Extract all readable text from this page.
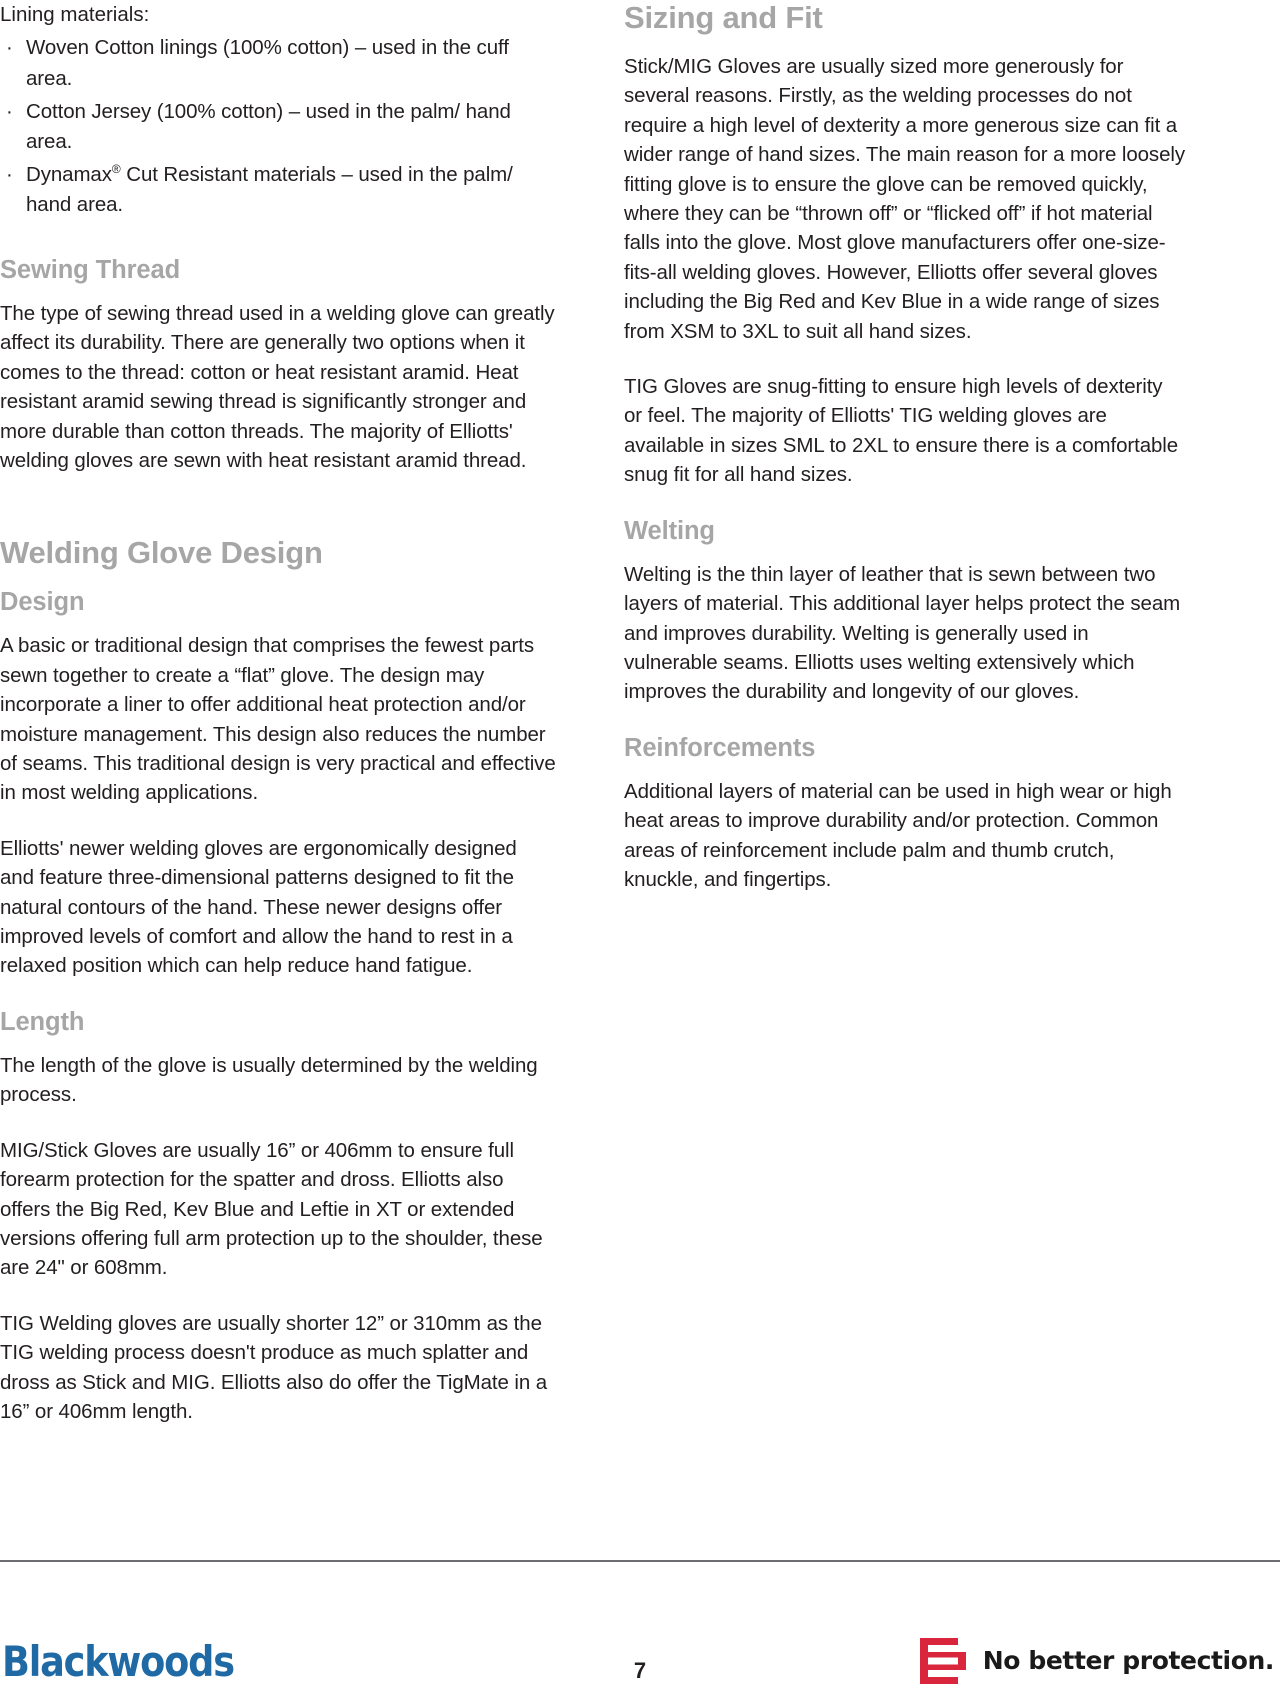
Lining materials:
· Woven Cotton linings (100% cotton) – used in the cuff area.
· Cotton Jersey (100% cotton) – used in the palm/ hand area.
· Dynamax® Cut Resistant materials – used in the palm/ hand area.
Sewing Thread

The type of sewing thread used in a welding glove can greatly affect its durability. There are generally two options when it comes to the thread: cotton or heat resistant aramid. Heat resistant aramid sewing thread is significantly stronger and more durable than cotton threads. The majority of Elliotts' welding gloves are sewn with heat resistant aramid thread.

Welding Glove Design
Design

A basic or traditional design that comprises the fewest parts sewn together to create a “flat” glove. The design may incorporate a liner to offer additional heat protection and/or moisture management. This design also reduces the number of seams. This traditional design is very practical and effective in most welding applications.

Elliotts' newer welding gloves are ergonomically designed and feature three-dimensional patterns designed to fit the natural contours of the hand. These newer designs offer improved levels of comfort and allow the hand to rest in a relaxed position which can help reduce hand fatigue.

Length

The length of the glove is usually determined by the welding process.

MIG/Stick Gloves are usually 16” or 406mm to ensure full forearm protection for the spatter and dross. Elliotts also offers the Big Red, Kev Blue and Leftie in XT or extended versions offering full arm protection up to the shoulder, these are 24" or 608mm.

TIG Welding gloves are usually shorter 12” or 310mm as the TIG welding process doesn't produce as much splatter and dross as Stick and MIG. Elliotts also do offer the TigMate in a 16” or 406mm length.

Sizing and Fit

Stick/MIG Gloves are usually sized more generously for several reasons. Firstly, as the welding processes do not require a high level of dexterity a more generous size can fit a wider range of hand sizes. The main reason for a more loosely fitting glove is to ensure the glove can be removed quickly, where they can be “thrown off” or “flicked off” if hot material falls into the glove. Most glove manufacturers offer one-size-fits-all welding gloves. However, Elliotts offer several gloves including the Big Red and Kev Blue in a wide range of sizes from XSM to 3XL to suit all hand sizes.

TIG Gloves are snug-fitting to ensure high levels of dexterity or feel. The majority of Elliotts' TIG welding gloves are available in sizes SML to 2XL to ensure there is a comfortable snug fit for all hand sizes.

Welting

Welting is the thin layer of leather that is sewn between two layers of material. This additional layer helps protect the seam and improves durability. Welting is generally used in vulnerable seams. Elliotts uses welting extensively which improves the durability and longevity of our gloves.

Reinforcements

Additional layers of material can be used in high wear or high heat areas to improve durability and/or protection. Common areas of reinforcement include palm and thumb crutch, knuckle, and fingertips.

Blackwoods	7	No better protection.
